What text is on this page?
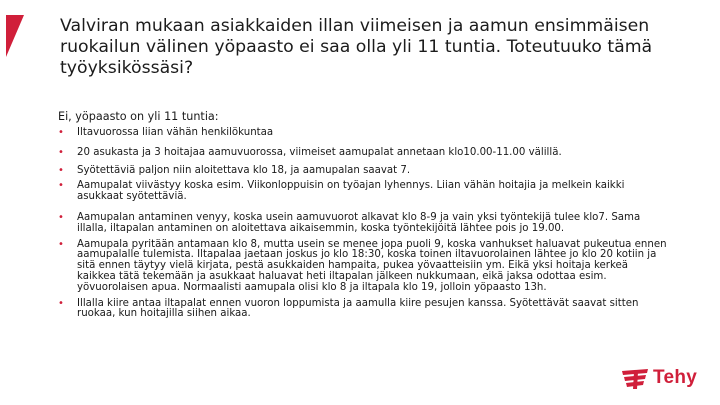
Valviran mukaan asiakkaiden illan viimeisen ja aamun ensimmäisen ruokailun välinen yöpaasto ei saa olla yli 11 tuntia. Toteutuuko tämä työyksikössäsi?

Ei, yöpaasto on yli 11 tuntia:

• Iltavuorossa liian vähän henkilökuntaa
• 20 asukasta ja 3 hoitajaa aamuvuorossa, viimeiset aamupalat annetaan klo10.00-11.00 välillä.
• Syötettäviä paljon niin aloitettava klo 18, ja aamupalan saavat 7.
• Aamupalat viivästyy koska esim. Viikonloppuisin on työajan lyhennys. Liian vähän hoitajia ja melkein kaikki asukkaat syötettäviä.
• Aamupalan antaminen venyy, koska usein aamuvuorot alkavat klo 8-9 ja vain yksi työntekijä tulee klo7. Sama illalla, iltapalan antaminen on aloitettava aikaisemmin, koska työntekijöitä lähtee pois jo 19.00.
• Aamupala pyritään antamaan klo 8, mutta usein se menee jopa puoli 9, koska vanhukset haluavat pukeutua ennen aamupalalle tulemista. Iltapalaa jaetaan joskus jo klo 18:30, koska toinen iltavuorolainen lähtee jo klo 20 kotiin ja sitä ennen täytyy vielä kirjata, pestä asukkaiden hampaita, pukea yövaatteisiin ym. Eikä yksi hoitaja kerkeä kaikkea tätä tekemään ja asukkaat haluavat heti iltapalan jälkeen nukkumaan, eikä jaksa odottaa esim. yövuorolaisen apua. Normaalisti aamupala olisi klo 8 ja iltapala klo 19, jolloin yöpaasto 13h.
• Illalla kiire antaa iltapalat ennen vuoron loppumista ja aamulla kiire pesujen kanssa. Syötettävät saavat sitten ruokaa, kun hoitajilla siihen aikaa.
Tehy
